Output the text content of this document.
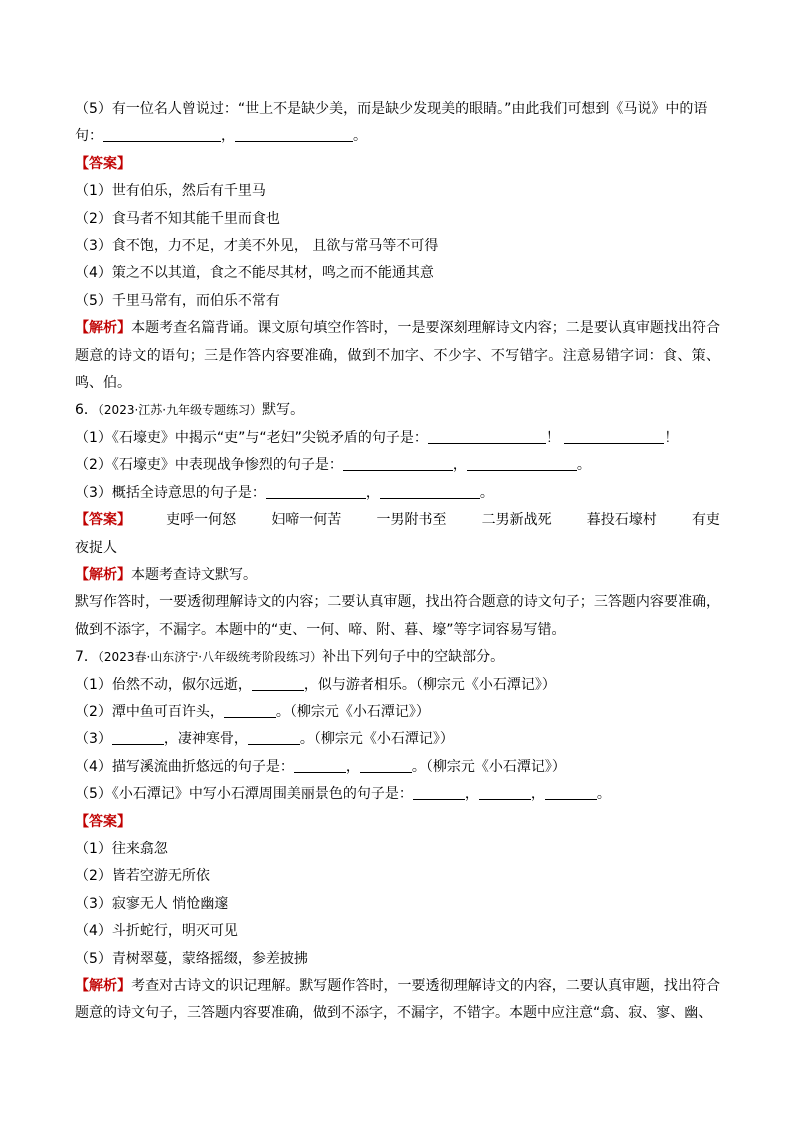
（5）有一位名人曾说过：“世上不是缺少美，而是缺少发现美的眼睛。”由此我们可想到《马说》中的语
句：	，	。
【答案】
（1）世有伯乐，然后有千里马
（2）食马者不知其能千里而食也
（3）食不饱，力不足，才美不外见， 且欲与常马等不可得
（4）策之不以其道，食之不能尽其材，鸣之而不能通其意
（5）千里马常有，而伯乐不常有
【解析】本题考查名篇背诵。课文原句填空作答时，一是要深刻理解诗文内容；二是要认真审题找出符合题意的诗文的语句；三是作答内容要准确，做到不加字、不少字、不写错字。注意易错字词：食、策、鸣、伯。
6．（2023·江苏·九年级专题练习）默写。
（1）《石壕吏》中揭示“吏”与“老妇”尖锐矛盾的句子是：	！	！
（2）《石壕吏》中表现战争惨烈的句子是：	，	。
（3）概括全诗意思的句子是：	，	。
【答案】	吏呼一何怒	妇啼一何苦	一男附书至	二男新战死	暮投石壕村	有吏
夜捉人
【解析】本题考查诗文默写。
默写作答时，一要透彻理解诗文的内容；二要认真审题，找出符合题意的诗文句子；三答题内容要准确，做到不添字，不漏字。本题中的“吏、一何、啼、附、暮、壕”等字词容易写错。
7．（2023春·山东济宁·八年级统考阶段练习）补出下列句子中的空缺部分。
（1）佁然不动，俶尔远逝，	，似与游者相乐。（柳宗元《小石潭记》）
（2）潭中鱼可百许头，	。（柳宗元《小石潭记》）
（3）	，凄神寒骨，	。（柳宗元《小石潭记》）
（4）描写溪流曲折悠远的句子是：	，	。（柳宗元《小石潭记》）
（5）《小石潭记》中写小石潭周围美丽景色的句子是：	，	，	。
【答案】
（1）往来翕忽
（2）皆若空游无所依
（3）寂寥无人 悄怆幽邃
（4）斗折蛇行，明灭可见
（5）青树翠蔓，蒙络摇缀，参差披拂
【解析】考查对古诗文的识记理解。默写题作答时，一要透彻理解诗文的内容，二要认真审题，找出符合题意的诗文句子，三答题内容要准确，做到不添字，不漏字，不错字。本题中应注意“翕、寂、寥、幽、
